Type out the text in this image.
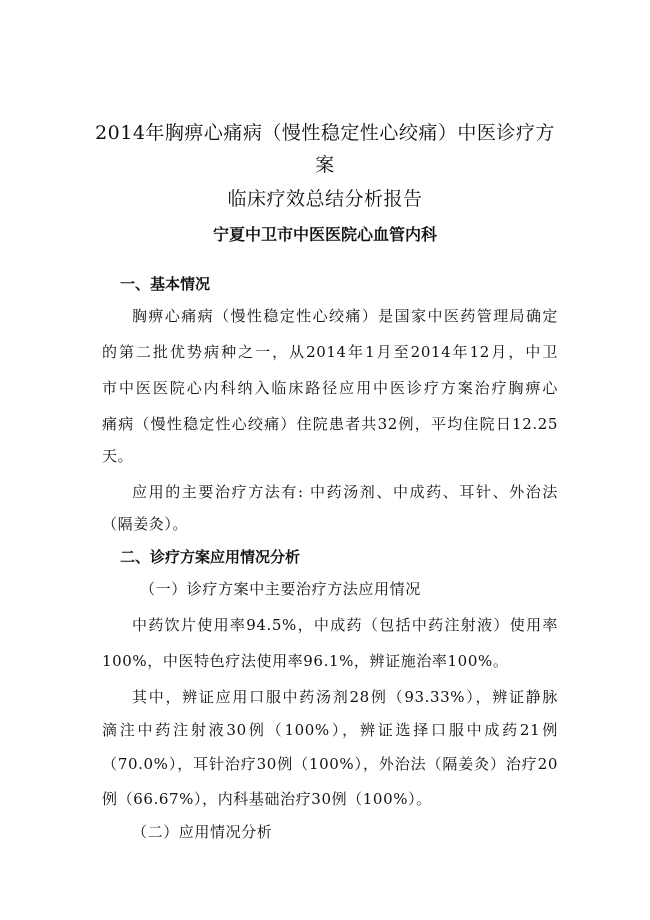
2014年胸痹心痛病（慢性稳定性心绞痛）中医诊疗方
案
临床疗效总结分析报告
宁夏中卫市中医医院心血管内科
一、基本情况
胸痹心痛病（慢性稳定性心绞痛）是国家中医药管理局确定
的第二批优势病种之一，从2014年1月至2014年12月，中卫
市中医医院心内科纳入临床路径应用中医诊疗方案治疗胸痹心
痛病（慢性稳定性心绞痛）住院患者共32例，平均住院日12.25
天。
应用的主要治疗方法有: 中药汤剂、中成药、耳针、外治法
（隔姜灸）。
二、诊疗方案应用情况分析
（一）诊疗方案中主要治疗方法应用情况
中药饮片使用率94.5%，中成药（包括中药注射液）使用率
100%，中医特色疗法使用率96.1%，辨证施治率100%。
其中，辨证应用口服中药汤剂28例（93.33%），辨证静脉
滴注中药注射液30例（100%），辨证选择口服中成药21例
（70.0%），耳针治疗30例（100%），外治法（隔姜灸）治疗20
例（66.67%），内科基础治疗30例（100%）。
（二）应用情况分析
